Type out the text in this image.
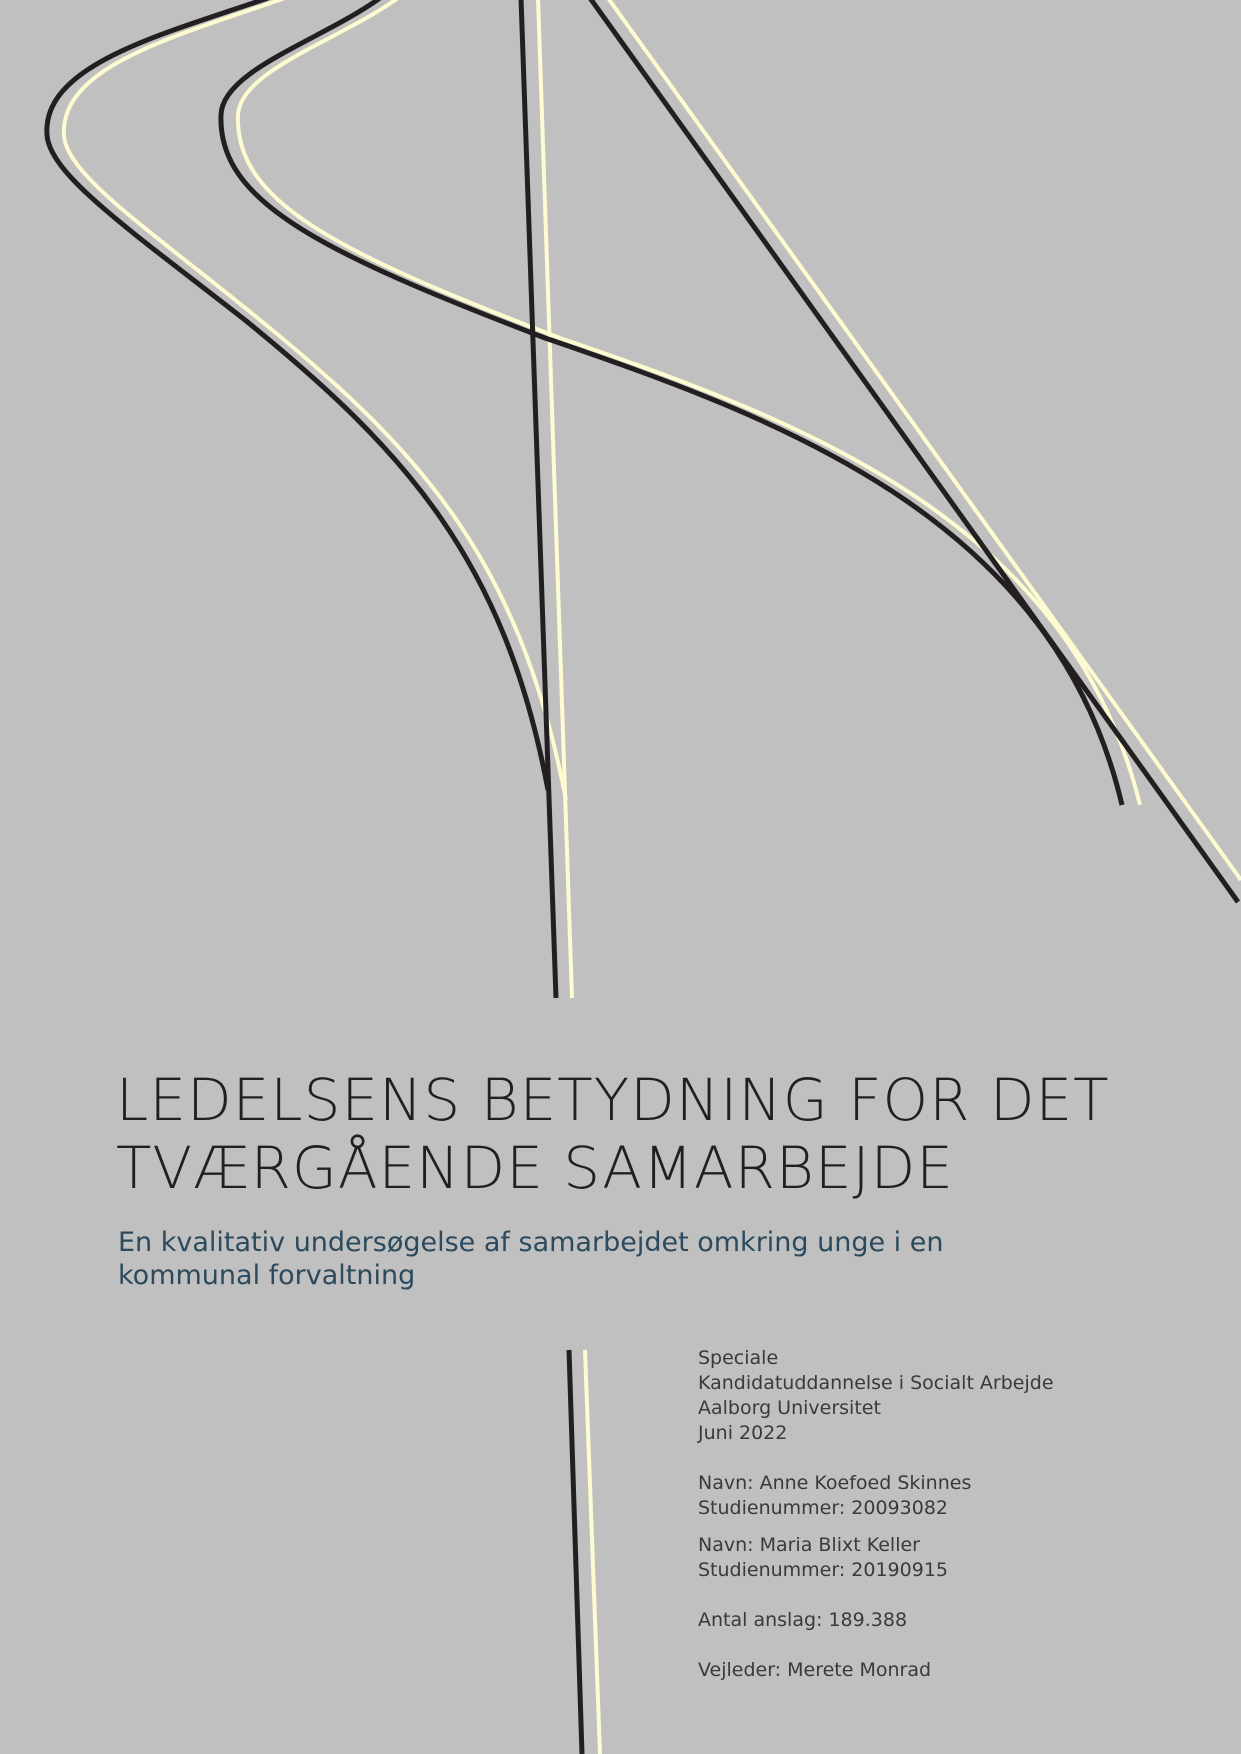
LEDELSENS BETYDNING FOR DET
TVÆRGÅENDE SAMARBEJDE
En kvalitativ undersøgelse af samarbejdet omkring unge i en kommunal forvaltning
Speciale
Kandidatuddannelse i Socialt Arbejde
Aalborg Universitet
Juni 2022
Navn: Anne Koefoed Skinnes
Studienummer: 20093082
Navn: Maria Blixt Keller
Studienummer: 20190915
Antal anslag: 189.388
Vejleder: Merete Monrad
